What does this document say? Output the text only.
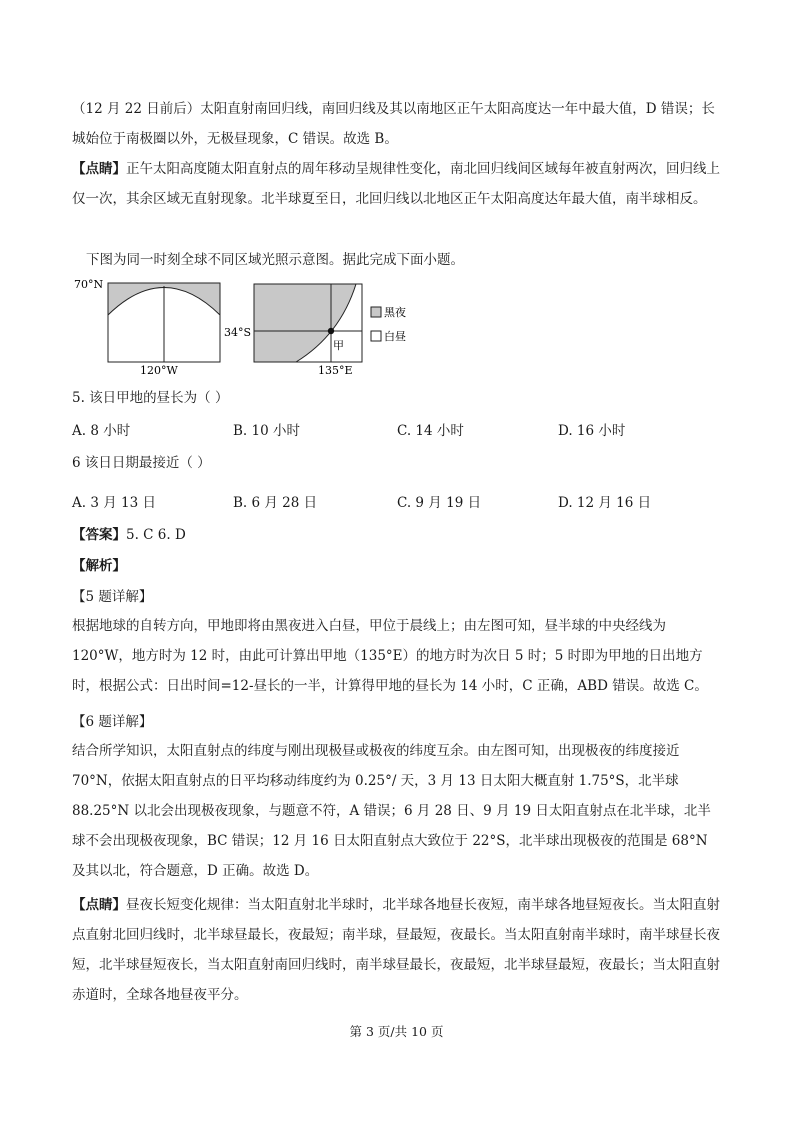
（12 月 22 日前后）太阳直射南回归线，南回归线及其以南地区正午太阳高度达一年中最大值，D 错误；长城始位于南极圈以外，无极昼现象，C 错误。故选 B。

【点睛】正午太阳高度随太阳直射点的周年移动呈规律性变化，南北回归线间区域每年被直射两次，回归线上仅一次，其余区域无直射现象。北半球夏至日，北回归线以北地区正午太阳高度达年最大值，南半球相反。

下图为同一时刻全球不同区域光照示意图。据此完成下面小题。

70°N
120°W
甲
34°S
135°E
黑夜
白昼
5. 该日甲地的昼长为（ ）
A. 8 小时	B. 10 小时	C. 14 小时	D. 16 小时
6 该日日期最接近（ ）
A. 3 月 13 日	B. 6 月 28 日	C. 9 月 19 日	D. 12 月 16 日
【答案】5. C 6. D
【解析】
【5 题详解】

根据地球的自转方向，甲地即将由黑夜进入白昼，甲位于晨线上；由左图可知，昼半球的中央经线为 120°W，地方时为 12 时，由此可计算出甲地（135°E）的地方时为次日 5 时；5 时即为甲地的日出地方时，根据公式：日出时间=12-昼长的一半，计算得甲地的昼长为 14 小时，C 正确，ABD 错误。故选 C。

【6 题详解】

结合所学知识，太阳直射点的纬度与刚出现极昼或极夜的纬度互余。由左图可知，出现极夜的纬度接近 70°N，依据太阳直射点的日平均移动纬度约为 0.25°/ 天，3 月 13 日太阳大概直射 1.75°S，北半球 88.25°N 以北会出现极夜现象，与题意不符，A 错误；6 月 28 日、9 月 19 日太阳直射点在北半球，北半球不会出现极夜现象，BC 错误；12 月 16 日太阳直射点大致位于 22°S，北半球出现极夜的范围是 68°N 及其以北，符合题意，D 正确。故选 D。

【点睛】昼夜长短变化规律：当太阳直射北半球时，北半球各地昼长夜短，南半球各地昼短夜长。当太阳直射点直射北回归线时，北半球昼最长，夜最短；南半球，昼最短，夜最长。当太阳直射南半球时，南半球昼长夜短，北半球昼短夜长，当太阳直射南回归线时，南半球昼最长，夜最短，北半球昼最短，夜最长；当太阳直射赤道时，全球各地昼夜平分。

第 3 页/共 10 页
